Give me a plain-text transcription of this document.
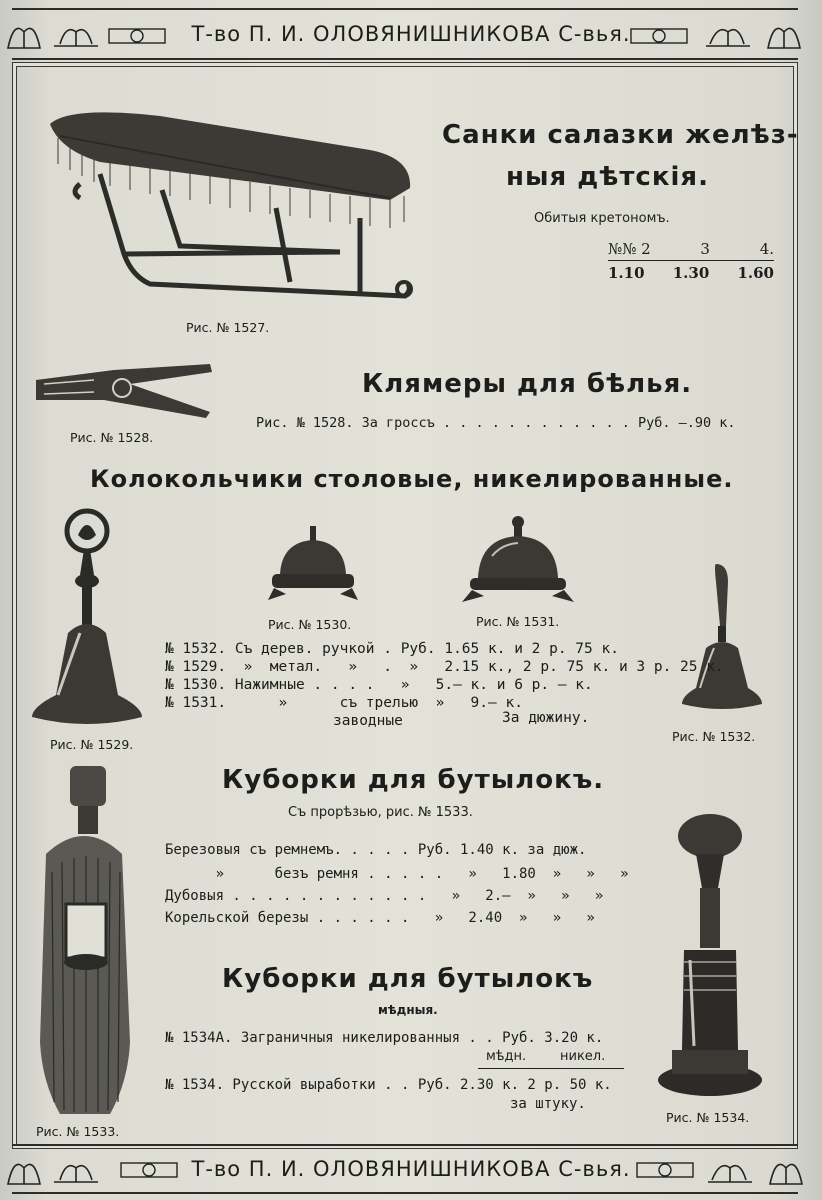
Т-во П. И. ОЛОВЯНИШНИКОВА С-вья.
Рис. № 1527.
Санки салазки желѣз-
ныя дѣтскiя.
Обитыя кретономъ.
№№ 2	3	4.
1.10 1.30 1.60
Рис. № 1528.
Клямеры для бѣлья.
Рис. № 1528. За гроссъ . . . . . . . . . . . . Руб. —.90 к.
Колокольчики столовые, никелированные.
Рис. № 1530.	Рис. № 1531.
Рис. № 1529.
Рис. № 1532.
№ 1532. Съ дерев. ручкой . Руб. 1.65 к. и 2 р. 75 к.
№ 1529.  »  метал.   »   .  »   2.15 к., 2 р. 75 к. и 3 р. 25 к.
№ 1530. Нажимные . . . .   »   5.— к. и 6 р. — к.
№ 1531.      »      съ трелью  »   9.— к.
заводные	За дюжину.
Куборки для бутылокъ.
Съ прорѣзью, рис. № 1533.
Березовыя съ ремнемъ. . . . . Руб. 1.40 к. за дюж.
»      безъ ремня . . . . .   »   1.80  »   »   »
Дубовыя . . . . . . . . . . . .   »   2.—  »   »   »
Корельской березы . . . . . .   »   2.40  »   »   »
Рис. № 1533.
Куборки для бутылокъ
мѣдныя.
№ 1534А. Заграничныя никелированныя . . Руб. 3.20 к.
мѣдн.	никел.
№ 1534. Русской выработки . . Руб. 2.30 к. 2 р. 50 к.
за штуку.
Рис. № 1534.
Т-во П. И. ОЛОВЯНИШНИКОВА С-вья.
